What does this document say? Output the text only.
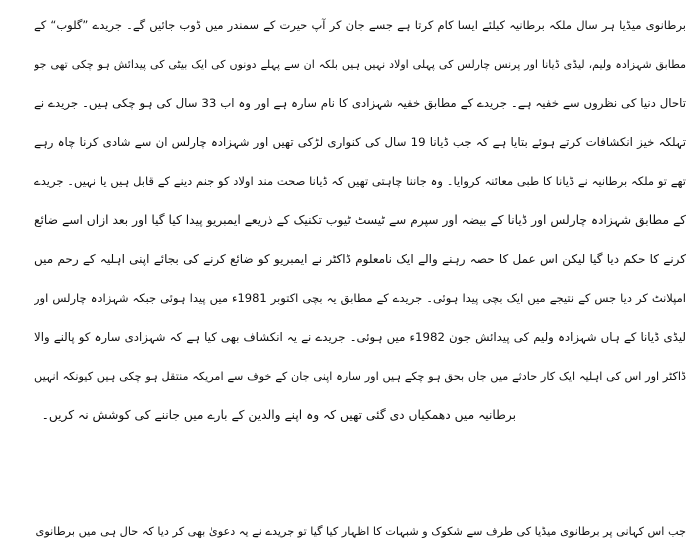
برطانوی میڈیا ہر سال ملکہ برطانیہ کیلئے ایسا کام کرتا ہے جسے جان کر آپ حیرت کے سمندر میں ڈوب جائیں گے۔ جریدے ”گلوب“ کے
مطابق شہزادہ ولیم، لیڈی ڈیانا اور پرنس چارلس کی پہلی اولاد نہیں ہیں بلکہ ان سے پہلے دونوں کی ایک بیٹی کی پیدائش ہو چکی تھی جو
تاحال دنیا کی نظروں سے خفیہ ہے۔ جریدے کے مطابق خفیہ شہزادی کا نام سارہ ہے اور وہ اب 33 سال کی ہو چکی ہیں۔ جریدے نے
تہلکہ خیز انکشافات کرتے ہوئے بتایا ہے کہ جب ڈیانا 19 سال کی کنواری لڑکی تھیں اور شہزادہ چارلس ان سے شادی کرنا چاہ رہے
تھے تو ملکہ برطانیہ نے ڈیانا کا طبی معائنہ کروایا۔ وہ جاننا چاہتی تھیں کہ ڈیانا صحت مند اولاد کو جنم دینے کے قابل ہیں یا نہیں۔ جریدے
کے مطابق شہزادہ چارلس اور ڈیانا کے بیضہ اور سپرم سے ٹیسٹ ٹیوب تکنیک کے ذریعے ایمبریو پیدا کیا گیا اور بعد ازاں اسے ضائع
کرنے کا حکم دیا گیا لیکن اس عمل کا حصہ رہنے والے ایک نامعلوم ڈاکٹر نے ایمبریو کو ضائع کرنے کی بجائے اپنی اہلیہ کے رحم میں
امپلانٹ کر دیا جس کے نتیجے میں ایک بچی پیدا ہوئی۔ جریدے کے مطابق یہ بچی اکتوبر 1981ء میں پیدا ہوئی جبکہ شہزادہ چارلس اور
لیڈی ڈیانا کے ہاں شہزادہ ولیم کی پیدائش جون 1982ء میں ہوئی۔ جریدے نے یہ انکشاف بھی کیا ہے کہ شہزادی سارہ کو پالنے والا
ڈاکٹر اور اس کی اہلیہ ایک کار حادثے میں جاں بحق ہو چکے ہیں اور سارہ اپنی جان کے خوف سے امریکہ منتقل ہو چکی ہیں کیونکہ انہیں
برطانیہ میں دھمکیاں دی گئی تھیں کہ وہ اپنے والدین کے بارے میں جاننے کی کوشش نہ کریں۔
جب اس کہانی پر برطانوی میڈیا کی طرف سے شکوک و شبہات کا اظہار کیا گیا تو جریدے نے یہ دعویٰ بھی کر دیا کہ حال ہی میں برطانوی
